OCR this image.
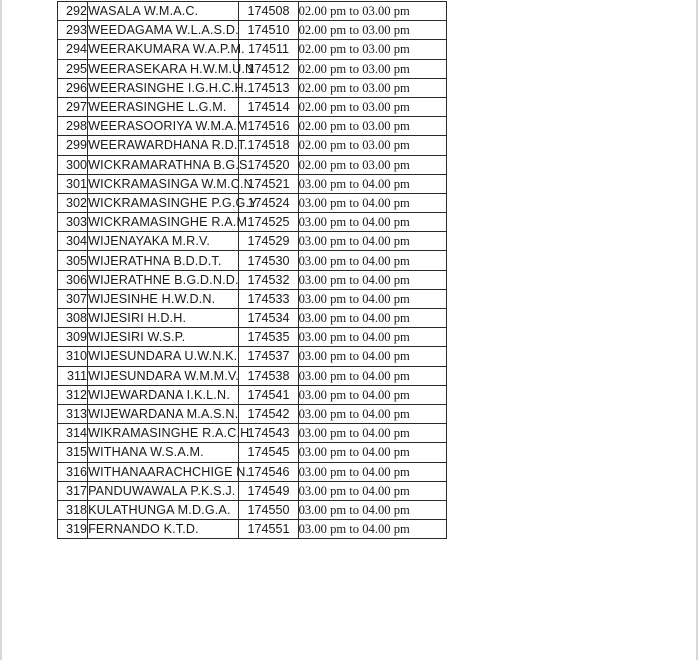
292	WASALA W.M.A.C.	174508	02.00 pm to 03.00 pm
293	WEEDAGAMA W.L.A.S.D.	174510	02.00 pm to 03.00 pm
294	WEERAKUMARA W.A.P.M.	174511	02.00 pm to 03.00 pm
295	WEERASEKARA H.W.M.U.N	174512	02.00 pm to 03.00 pm
296	WEERASINGHE I.G.H.C.H.	174513	02.00 pm to 03.00 pm
297	WEERASINGHE L.G.M.	174514	02.00 pm to 03.00 pm
298	WEERASOORIYA W.M.A.M	174516	02.00 pm to 03.00 pm
299	WEERAWARDHANA R.D.T.	174518	02.00 pm to 03.00 pm
300	WICKRAMARATHNA B.G.S.	174520	02.00 pm to 03.00 pm
301	WICKRAMASINGA W.M.C.N	174521	03.00 pm to 04.00 pm
302	WICKRAMASINGHE P.G.G.Y	174524	03.00 pm to 04.00 pm
303	WICKRAMASINGHE R.A.M.	174525	03.00 pm to 04.00 pm
304	WIJENAYAKA M.R.V.	174529	03.00 pm to 04.00 pm
305	WIJERATHNA B.D.D.T.	174530	03.00 pm to 04.00 pm
306	WIJERATHNE B.G.D.N.D.	174532	03.00 pm to 04.00 pm
307	WIJESINHE H.W.D.N.	174533	03.00 pm to 04.00 pm
308	WIJESIRI H.D.H.	174534	03.00 pm to 04.00 pm
309	WIJESIRI W.S.P.	174535	03.00 pm to 04.00 pm
310	WIJESUNDARA U.W.N.K.	174537	03.00 pm to 04.00 pm
311	WIJESUNDARA W.M.M.V.	174538	03.00 pm to 04.00 pm
312	WIJEWARDANA I.K.L.N.	174541	03.00 pm to 04.00 pm
313	WIJEWARDANA M.A.S.N.	174542	03.00 pm to 04.00 pm
314	WIKRAMASINGHE R.A.C.H.	174543	03.00 pm to 04.00 pm
315	WITHANA W.S.A.M.	174545	03.00 pm to 04.00 pm
316	WITHANAARACHCHIGE N.	174546	03.00 pm to 04.00 pm
317	PANDUWAWALA P.K.S.J.	174549	03.00 pm to 04.00 pm
318	KULATHUNGA M.D.G.A.	174550	03.00 pm to 04.00 pm
319	FERNANDO K.T.D.	174551	03.00 pm to 04.00 pm
